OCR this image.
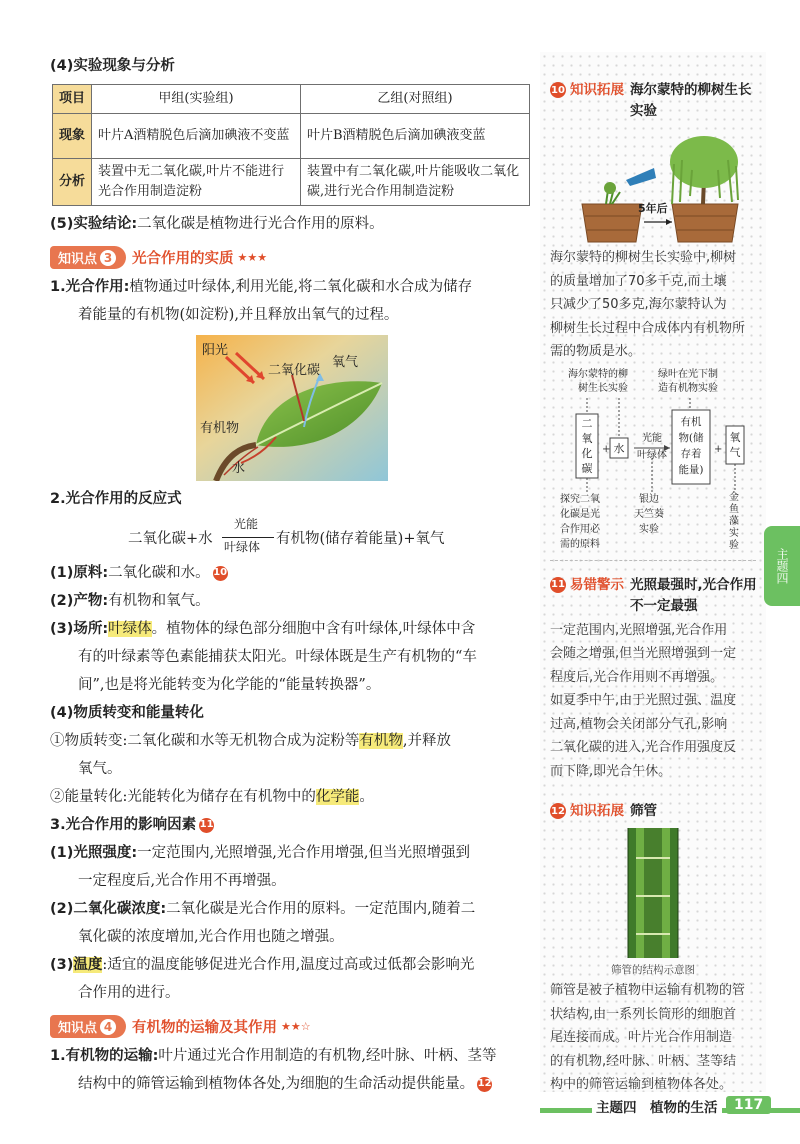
(4)实验现象与分析

项目	甲组(实验组)	乙组(对照组)
现象	叶片A酒精脱色后滴加碘液不变蓝	叶片B酒精脱色后滴加碘液变蓝
分析	装置中无二氧化碳,叶片不能进行光合作用制造淀粉	装置中有二氧化碳,叶片能吸收二氧化碳,进行光合作用制造淀粉

(5)实验结论:二氧化碳是植物进行光合作用的原料。

知识点 3 光合作用的实质 ★★★

1.光合作用:植物通过叶绿体,利用光能,将二氧化碳和水合成为储存

着能量的有机物(如淀粉),并且释放出氧气的过程。

阳光
二氧化碳
氧气
有机物
水

2.光合作用的反应式

二氧化碳+水
光能
叶绿体 有机物(储存着能量)+氧气

(1)原料:二氧化碳和水。 10

(2)产物:有机物和氧气。

(3)场所:叶绿体。植物体的绿色部分细胞中含有叶绿体,叶绿体中含

有的叶绿素等色素能捕获太阳光。叶绿体既是生产有机物的“车

间”,也是将光能转变为化学能的“能量转换器”。

(4)物质转变和能量转化

①物质转变:二氧化碳和水等无机物合成为淀粉等有机物,并释放

氧气。

②能量转化:光能转化为储存在有机物中的化学能。

3.光合作用的影响因素 11

(1)光照强度:一定范围内,光照增强,光合作用增强,但当光照增强到

一定程度后,光合作用不再增强。

(2)二氧化碳浓度:二氧化碳是光合作用的原料。一定范围内,随着二

氧化碳的浓度增加,光合作用也随之增强。

(3)温度:适宜的温度能够促进光合作用,温度过高或过低都会影响光

合作用的进行。

知识点 4 有机物的运输及其作用 ★★☆

1.有机物的运输:叶片通过光合作用制造的有机物,经叶脉、叶柄、茎等

结构中的筛管运输到植物体各处,为细胞的生命活动提供能量。 12

10 知识拓展 海尔蒙特的柳树生长实验
5年后

海尔蒙特的柳树生长实验中,柳树

的质量增加了70多千克,而土壤

只减少了50多克,海尔蒙特认为

柳树生长过程中合成体内有机物所

需的物质是水。

+	+
海尔蒙特的柳
树生长实验
绿叶在光下制
造有机物实验
二
氧
化
碳
水
光能
叶绿体
有机
物(储
存着
能量)
氧
气
探究二氧
化碳是光
合作用必
需的原料
银边
天竺葵
实验
金
鱼
藻
实
验
11 易错警示 光照最强时,光合作用不一定最强

一定范围内,光照增强,光合作用

会随之增强,但当光照增强到一定

程度后,光合作用则不再增强。

如夏季中午,由于光照过强、温度

过高,植物会关闭部分气孔,影响

二氧化碳的进入,光合作用强度反

而下降,即光合午休。

12 知识拓展 筛管

筛管的结构示意图

筛管是被子植物中运输有机物的管

状结构,由一系列长筒形的细胞首

尾连接而成。叶片光合作用制造

的有机物,经叶脉、叶柄、茎等结

构中的筛管运输到植物体各处。

主题四
主题四　植物的生活	117
